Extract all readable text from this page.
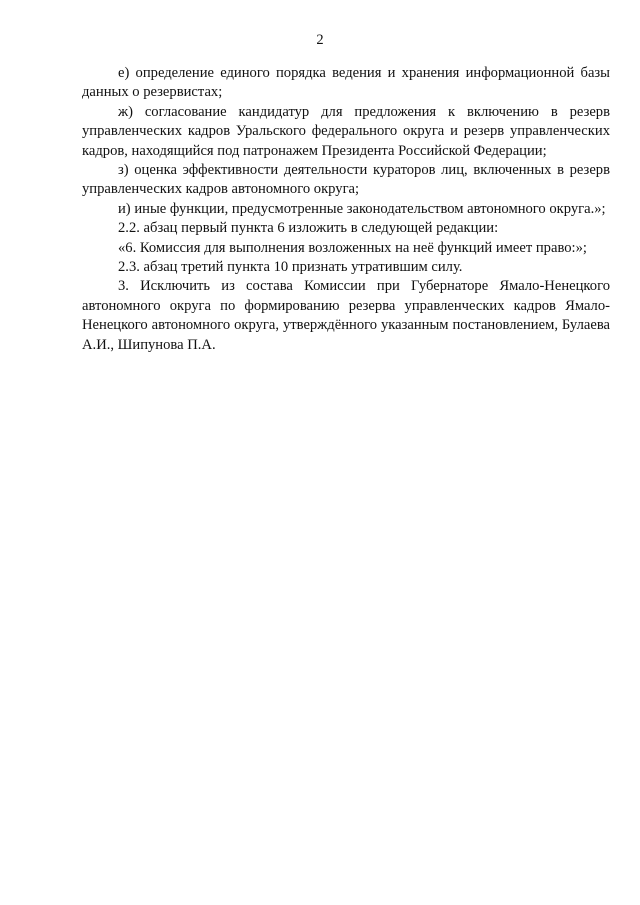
2

е) определение единого порядка ведения и хранения информационной базы данных о резервистах;

ж) согласование кандидатур для предложения к включению в резерв управленческих кадров Уральского федерального округа и резерв управленческих кадров, находящийся под патронажем Президента Российской Федерации;

з) оценка эффективности деятельности кураторов лиц, включенных в резерв управленческих кадров автономного округа;

и) иные функции, предусмотренные законодательством автономного округа.»;

2.2. абзац первый пункта 6 изложить в следующей редакции:

«6. Комиссия для выполнения возложенных на неё функций имеет право:»;

2.3. абзац третий пункта 10 признать утратившим силу.

3. Исключить из состава Комиссии при Губернаторе Ямало-Ненецкого автономного округа по формированию резерва управленческих кадров Ямало-Ненецкого автономного округа, утверждённого указанным постановлением, Булаева А.И., Шипунова П.А.
